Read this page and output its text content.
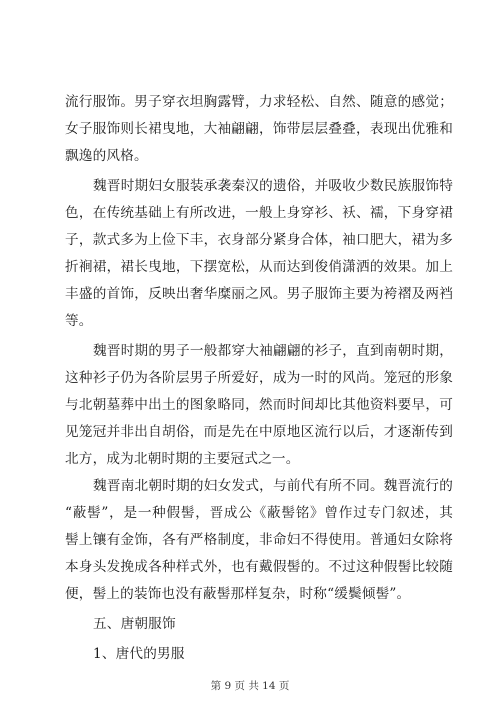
流行服饰。男子穿衣坦胸露臂，力求轻松、自然、随意的感觉；
女子服饰则长裙曳地，大袖翩翩，饰带层层叠叠，表现出优雅和
飘逸的风格。
魏晋时期妇女服装承袭秦汉的遗俗，并吸收少数民族服饰特
色，在传统基础上有所改进，一般上身穿衫、袄、襦，下身穿裙
子，款式多为上俭下丰，衣身部分紧身合体，袖口肥大，裙为多
折裥裙，裙长曳地，下摆宽松，从而达到俊俏潇洒的效果。加上
丰盛的首饰，反映出奢华糜丽之风。男子服饰主要为袴褶及两裆
等。
魏晋时期的男子一般都穿大袖翩翩的衫子，直到南朝时期，
这种衫子仍为各阶层男子所爱好，成为一时的风尚。笼冠的形象
与北朝墓葬中出土的图象略同，然而时间却比其他资料要早，可
见笼冠并非出自胡俗，而是先在中原地区流行以后，才逐渐传到
北方，成为北朝时期的主要冠式之一。
魏晋南北朝时期的妇女发式，与前代有所不同。魏晋流行的
“蔽髻”，是一种假髻，晋成公《蔽髻铭》曾作过专门叙述，其
髻上镶有金饰，各有严格制度，非命妇不得使用。普通妇女除将
本身头发挽成各种样式外，也有戴假髻的。不过这种假髻比较随
便，髻上的装饰也没有蔽髻那样复杂，时称“缓鬓倾髻”。
五、唐朝服饰
1、唐代的男服
第 9 页 共 14 页
